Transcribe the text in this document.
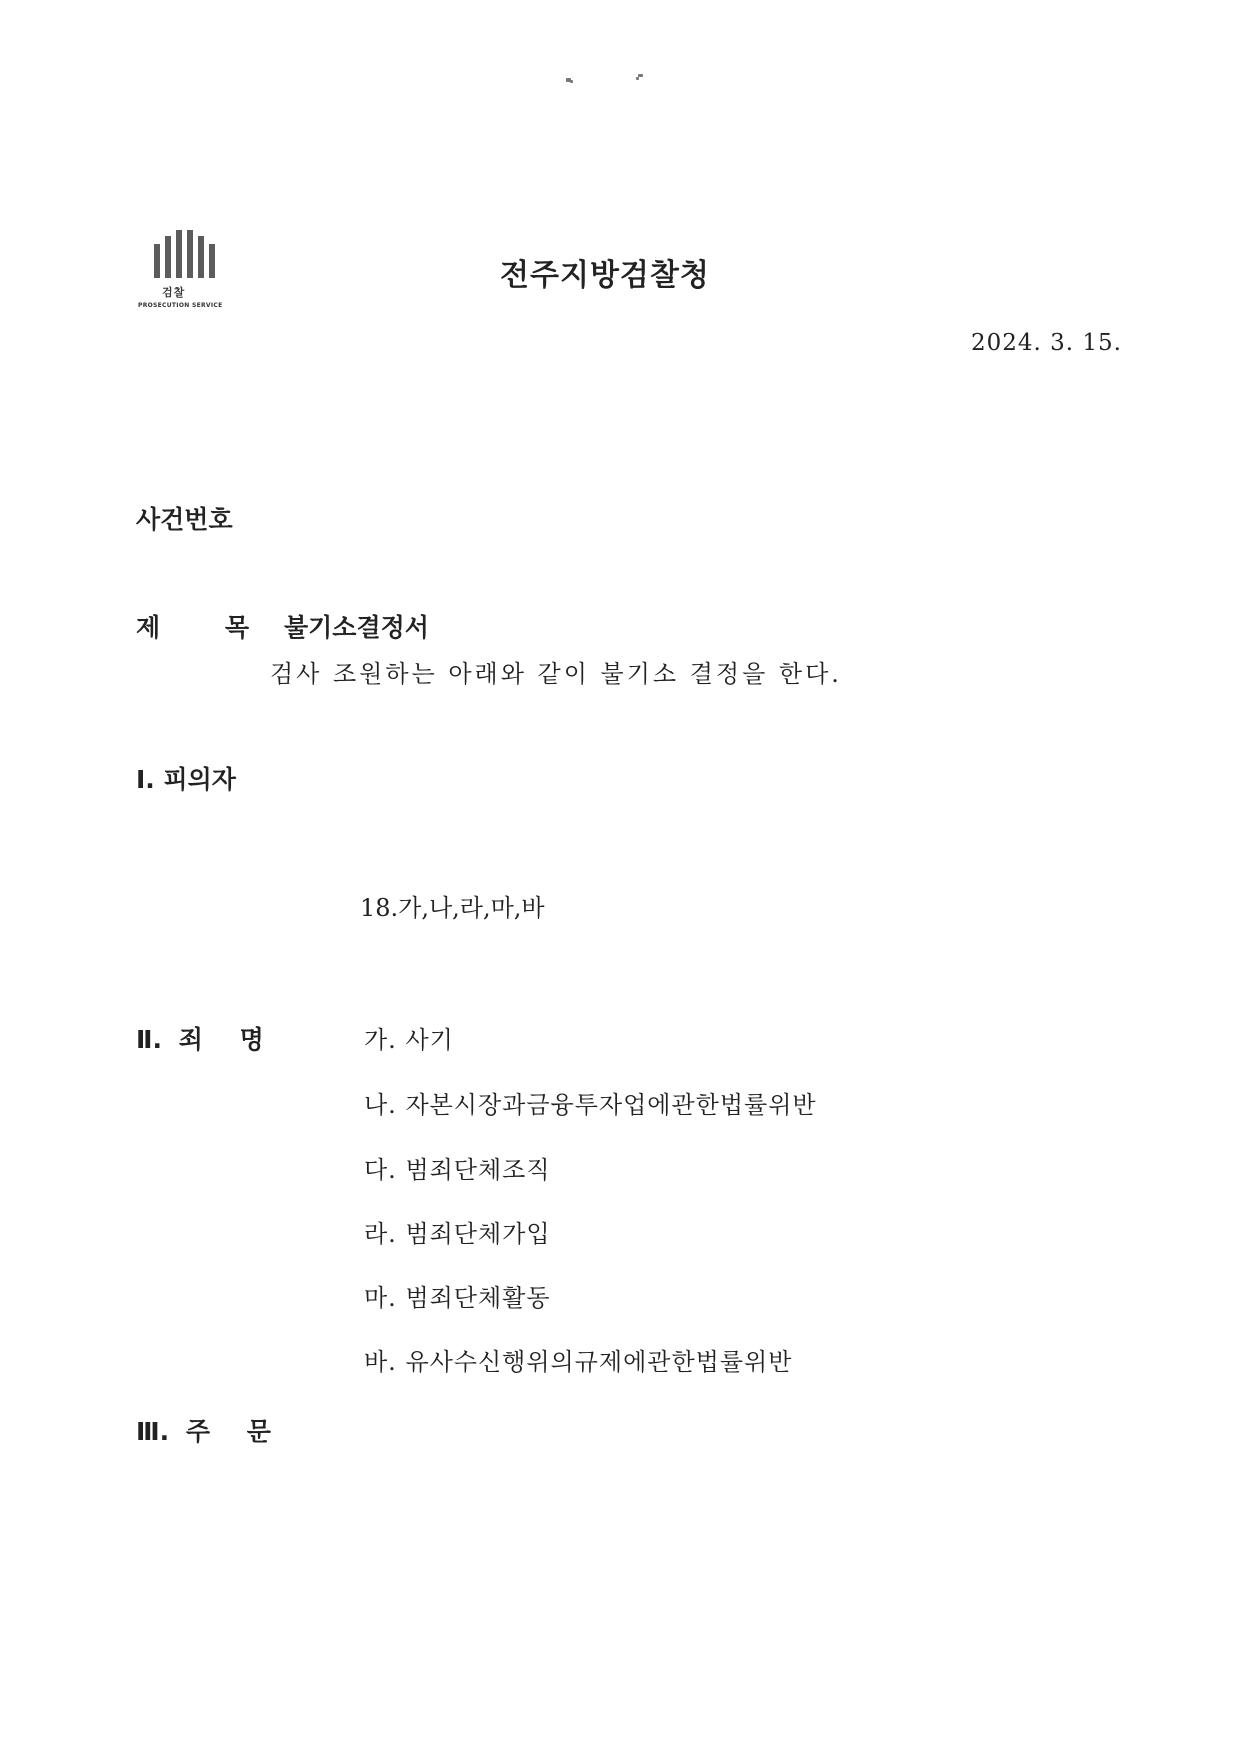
검찰
PROSECUTION SERVICE
전주지방검찰청
2024. 3. 15.
사건번호
제	목 불기소결정서
검사 조원하는 아래와 같이 불기소 결정을 한다.
Ⅰ. 피의자
18.가,나,라,마,바
Ⅱ. 죄 명	가. 사기
나. 자본시장과금융투자업에관한법률위반
다. 범죄단체조직
라. 범죄단체가입
마. 범죄단체활동
바. 유사수신행위의규제에관한법률위반
Ⅲ. 주 문
